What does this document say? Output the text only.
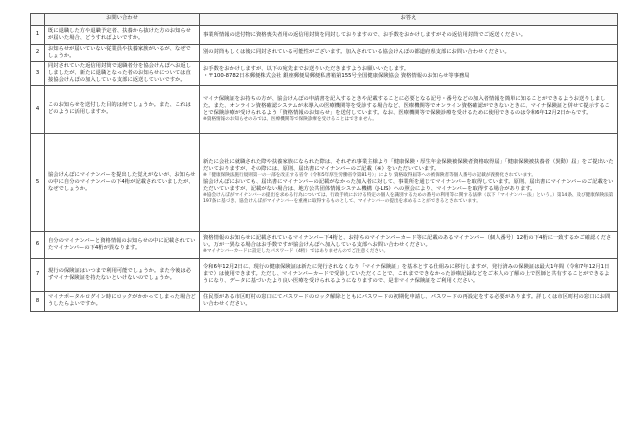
	お問い合わせ	お答え
1	既に退職した方や退職予定者、扶養から抜けた方のお知らせが届いた場合、どうすればよいですか。	事業所情報の送付物に資格喪失者用の返信用封筒を同封しておりますので、お手数をおかけしますがその返信用封筒でご返送ください。

2	お知らせが届いていない従業員や扶養家族がいるが、なぜでしょうか。	別の封筒もしくは後に同封されている可能性がございます。加入されている協会けんぽの都道府県支部にお問い合わせください。

3	同封されていた返信用封筒で退職者分を協会けんぽへお返ししましたが、新たに退職となった者のお知らせについては直接協会けんぽの加入している支部に返送していいですか。	お手数をおかけしますが、以下の宛先までお送りいただきますようお願いいたします。
・〒100-8782日本郵便株式会社 銀座郵便局郵便私書箱第155号全国健康保険協会 資格情報のお知らせ等事務局

4	このお知らせを送付した目的は何でしょうか。また、これはどのように活用しますか。	マイナ保険証をお持ちの方が、協会けんぽの申請書を記入するときや記載することに必要となる記号・番号などの加入者情報を簡単に知ることができるようお送りしました。また、オンライン資格確認システムが未導入の医療機関等を受診する場合など、医療機関等でオンライン資格確認ができないときに、マイナ保険証と併せて提示することで保険診療が受けられるよう「資格情報のお知らせ」を送付しています。なお、医療機関等で保険診療を受けるために使用できるのは令和6年12月2日からです。
※資格情報のお知らせのみでは、医療機関等で保険診療を受けることはできません。

5	協会けんぽにマイナンバーを提出した覚えがないが、お知らせの中に自分のマイナンバーの下4桁が記載されていましたが、なぜでしょうか。	新たに会社に就職された際や扶養家族になられた際は、それぞれ事業主様より「健康保険・厚生年金保険被保険者資格取得届」「健康保険被扶養者（異動）届」をご提出いただいておりますが、その際には、原則、届出書にマイナンバーのご記載（※）をいただいています。
※「健康保険法施行規則第一の一部を改正する省令（令和5年厚生労働省令第81号）」により 資格取得届等への被保険者等個人番号の記載が義務化されています。
協会けんぽにおいても、届出書にマイナンバーの記載がなかった加入者に対して、事業所を通じてマイナンバーを取得しています。原則、届出書にマイナンバーのご記載をいただいていますが、記載がない場合は、地方公共団体情報システム機構（J-LIS）への照会により、マイナンバーを取得する場合があります。
※協会けんぽがマイナンバーの提出を求める行為については、行政手続における特定の個人を識別するための番号の利用等に関する法律（以下「マイナンバー法」という。）第14条、及び健康保険法第197条に基づき、協会けんぽがマイナンバーを重複に取得するものとして、マイナンバーの提出を求めることができるとされています。

6	自分のマイナンバーと資格情報のお知らせの中に記載されていたマイナンバーの下4桁が異なります。	資格情報のお知らせに記載されているマイナンバー下4桁と、お持ちのマイナンバーカード等に記載のあるマイナンバー（個人番号）12桁の下4桁に一致するかご確認ください。万が一異なる場合はお手数ですが協会けんぽへ加入している支部へお問い合わせください。
※マイナンバーカードに設定したパスワード（4桁）ではありませんのでご注意ください。

7	現行の保険証はいつまで利用可能でしょうか。また今後は必ずマイナ保険証を持たないといけないのでしょうか。	令和6年12月2日に、現行の健康保険証は新たに発行されなくなり「マイナ保険証」を基本とする仕組みに移行しますが、発行済みの保険証は最大1年間（令和7年12月1日まで）は使用できます。ただし、マイナンバーカードで受診していただくことで、これまでできなかった診療記録などをご本人の了解の上で医師と共有することができるようになり、データに基づいたより良い医療を受けられるようになりますので、是非マイナ保険証をご利用ください。

8	マイナポータルログイン時にロックがかかってしまった場合どうしたらよいですか。	住民票がある市区町村の窓口にてパスワードのロック解除とともにパスワードの初期化申請し、パスワードの再設定をする必要があります。詳しくは市区町村の窓口にお問い合わせください。
